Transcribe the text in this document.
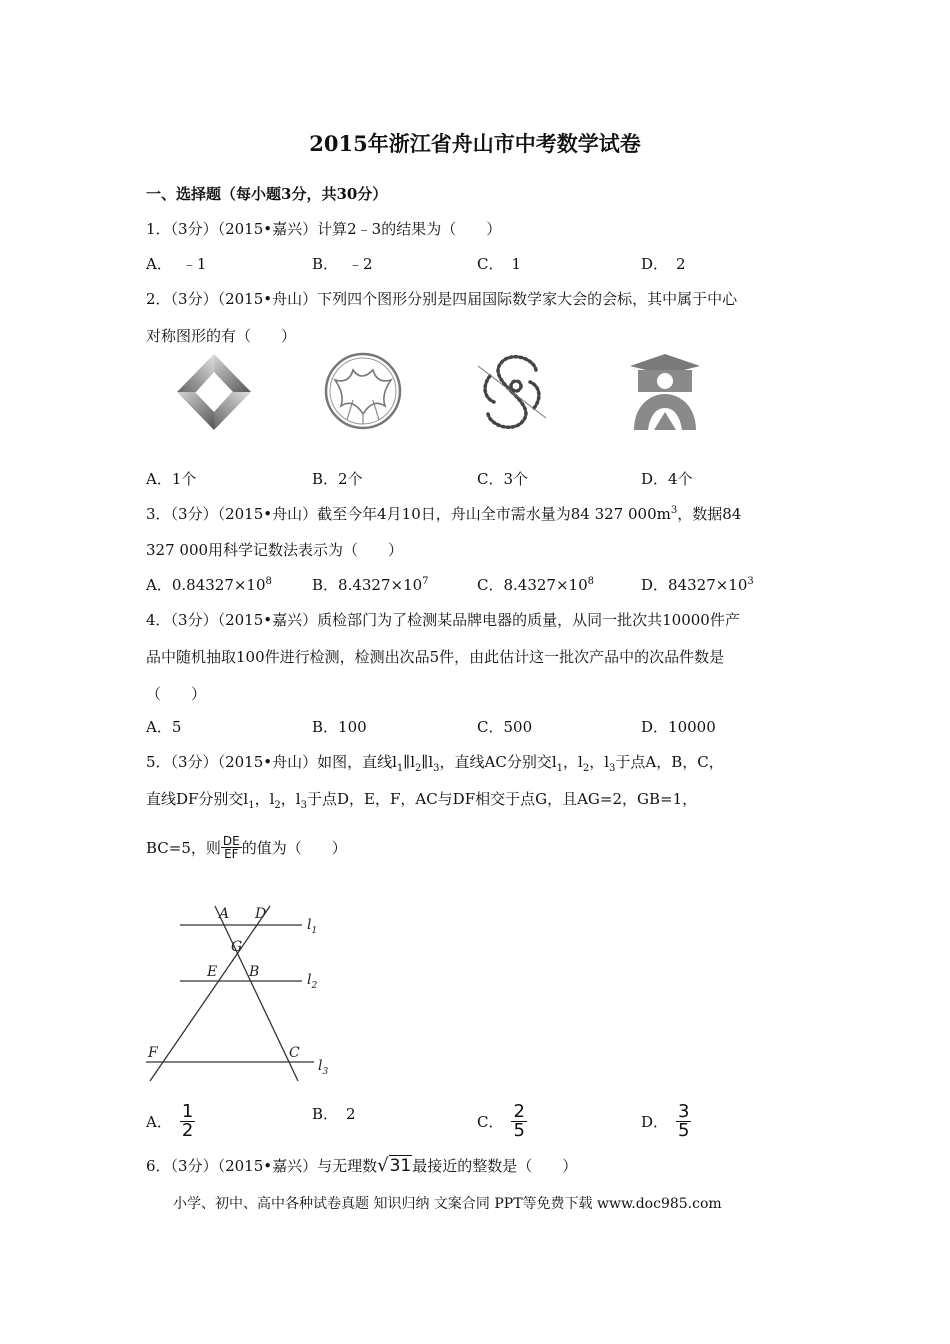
2015年浙江省舟山市中考数学试卷
一、选择题（每小题3分，共30分）
1．（3分）（2015•嘉兴）计算2﹣3的结果为（　　）
A． ﹣1	B． ﹣2	C． 1	D． 2
2．（3分）（2015•舟山）下列四个图形分别是四届国际数学家大会的会标，其中属于中心
对称图形的有（　　）
A．1个	B．2个	C．3个	D．4个
3．（3分）（2015•舟山）截至今年4月10日，舟山全市需水量为84 327 $000m^3$，数据84
327 000用科学记数法表示为（　　）
A．$0.84327\times 10^8$	B．$8.4327\times 10^7$	C．$8.4327\times 10^8$	D．$84327\times 10^3$
4．（3分）（2015•嘉兴）质检部门为了检测某品牌电器的质量，从同一批次共10000件产
品中随机抽取100件进行检测，检测出次品5件，由此估计这一批次产品中的次品件数是
（　　）
A．5	B．100	C．500	D．10000
5．（3分）（2015•舟山）如图，直线$l_1\parallel l_2\parallel l_3$，直线AC分别交$l_1$，$l_2$，$l_3$于点A，B，C，
直线DF分别交$l_1$，$l_2$，$l_3$于点D，E，F，AC与DF相交于点G，且AG=2，GB=1，
BC=5，则 $\frac{DE}{EF}$ 的值为（　　）
A D
G
E B
F	C
$l_1$
$l_2$
$l_3$
A． $\frac{1}{2}$	B． 2	C． $\frac{2}{5}$	D． $\frac{3}{5}$
6．（3分）（2015•嘉兴）与无理数√31最接近的整数是（　　）
小学、初中、高中各种试卷真题 知识归纳 文案合同 PPT等免费下载 www.doc985.com
